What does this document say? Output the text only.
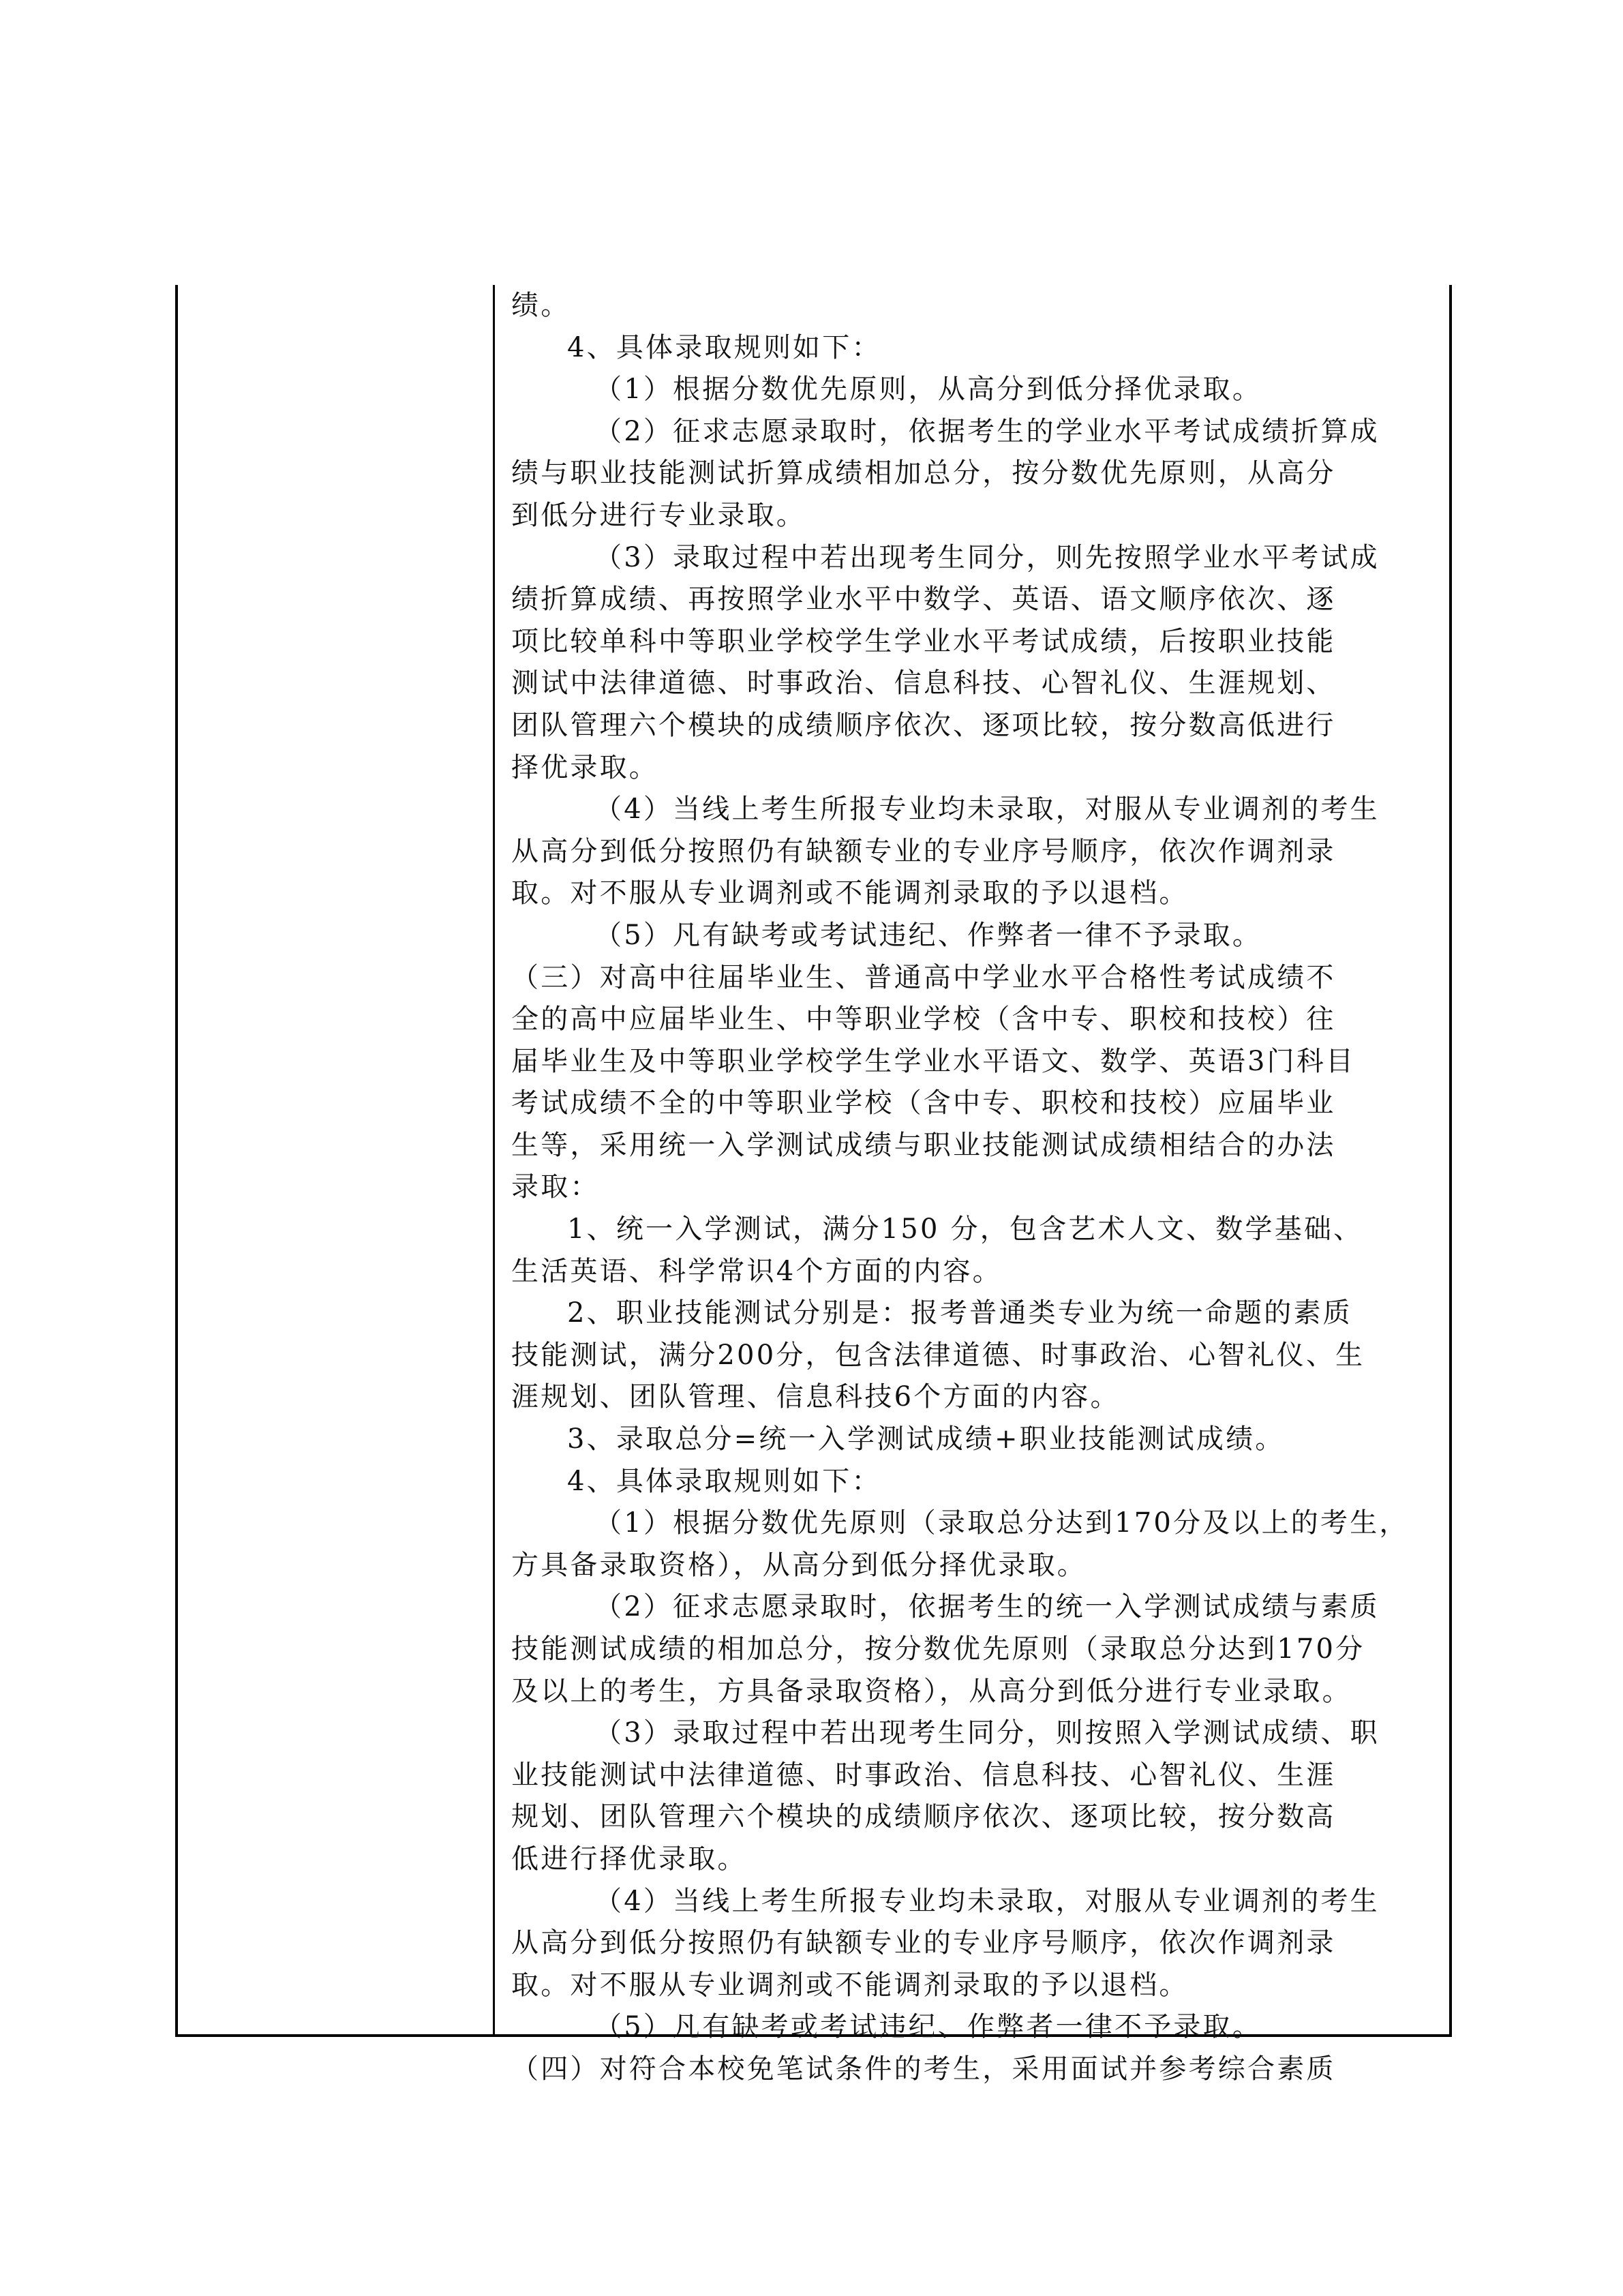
绩。
4、具体录取规则如下：
（1）根据分数优先原则，从高分到低分择优录取。
（2）征求志愿录取时，依据考生的学业水平考试成绩折算成
绩与职业技能测试折算成绩相加总分，按分数优先原则，从高分
到低分进行专业录取。
（3）录取过程中若出现考生同分，则先按照学业水平考试成
绩折算成绩、再按照学业水平中数学、英语、语文顺序依次、逐
项比较单科中等职业学校学生学业水平考试成绩，后按职业技能
测试中法律道德、时事政治、信息科技、心智礼仪、生涯规划、
团队管理六个模块的成绩顺序依次、逐项比较，按分数高低进行
择优录取。
（4）当线上考生所报专业均未录取，对服从专业调剂的考生
从高分到低分按照仍有缺额专业的专业序号顺序，依次作调剂录
取。对不服从专业调剂或不能调剂录取的予以退档。
（5）凡有缺考或考试违纪、作弊者一律不予录取。
（三）对高中往届毕业生、普通高中学业水平合格性考试成绩不
全的高中应届毕业生、中等职业学校（含中专、职校和技校）往
届毕业生及中等职业学校学生学业水平语文、数学、英语3门科目
考试成绩不全的中等职业学校（含中专、职校和技校）应届毕业
生等，采用统一入学测试成绩与职业技能测试成绩相结合的办法
录取：
1、统一入学测试，满分150 分，包含艺术人文、数学基础、
生活英语、科学常识4个方面的内容。
2、职业技能测试分别是：报考普通类专业为统一命题的素质
技能测试，满分200分，包含法律道德、时事政治、心智礼仪、生
涯规划、团队管理、信息科技6个方面的内容。
3、录取总分=统一入学测试成绩+职业技能测试成绩。
4、具体录取规则如下：
（1）根据分数优先原则（录取总分达到170分及以上的考生，
方具备录取资格），从高分到低分择优录取。
（2）征求志愿录取时，依据考生的统一入学测试成绩与素质
技能测试成绩的相加总分，按分数优先原则（录取总分达到170分
及以上的考生，方具备录取资格），从高分到低分进行专业录取。
（3）录取过程中若出现考生同分，则按照入学测试成绩、职
业技能测试中法律道德、时事政治、信息科技、心智礼仪、生涯
规划、团队管理六个模块的成绩顺序依次、逐项比较，按分数高
低进行择优录取。
（4）当线上考生所报专业均未录取，对服从专业调剂的考生
从高分到低分按照仍有缺额专业的专业序号顺序，依次作调剂录
取。对不服从专业调剂或不能调剂录取的予以退档。
（5）凡有缺考或考试违纪、作弊者一律不予录取。
（四）对符合本校免笔试条件的考生，采用面试并参考综合素质
